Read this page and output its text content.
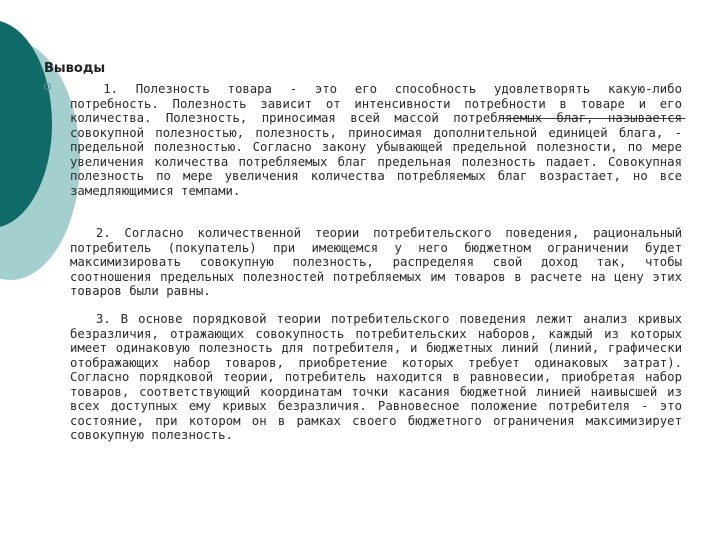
Выводы

1. Полезность товара - это его способность удовлетворять какую-либо потребность. Полезность зависит от интенсивности потребности в товаре и его количества. Полезность, приносимая всей массой потребляемых благ, называется совокупной полезностью, полезность, приносимая дополнительной единицей блага, - предельной полезностью. Согласно закону убывающей предельной полезности, по мере увеличения количества потребляемых благ предельная полезность падает. Совокупная полезность по мере увеличения количества потребляемых благ возрастает, но все замедляющимися темпами.

2. Согласно количественной теории потребительского поведения, рациональный потребитель (покупатель) при имеющемся у него бюджетном ограничении будет максимизировать совокупную полезность, распределяя свой доход так, чтобы соотношения предельных полезностей потребляемых им товаров в расчете на цену этих товаров были равны.

3. В основе порядковой теории потребительского поведения лежит анализ кривых безразличия, отражающих совокупность потребительских наборов, каждый из которых имеет одинаковую полезность для потребителя, и бюджетных линий (линий, графически отображающих набор товаров, приобретение которых требует одинаковых затрат). Согласно порядковой теории, потребитель находится в равновесии, приобретая набор товаров, соответствующий координатам точки касания бюджетной линией наивысшей из всех доступных ему кривых безразличия. Равновесное положение потребителя - это состояние, при котором он в рамках своего бюджетного ограничения максимизирует совокупную полезность.
